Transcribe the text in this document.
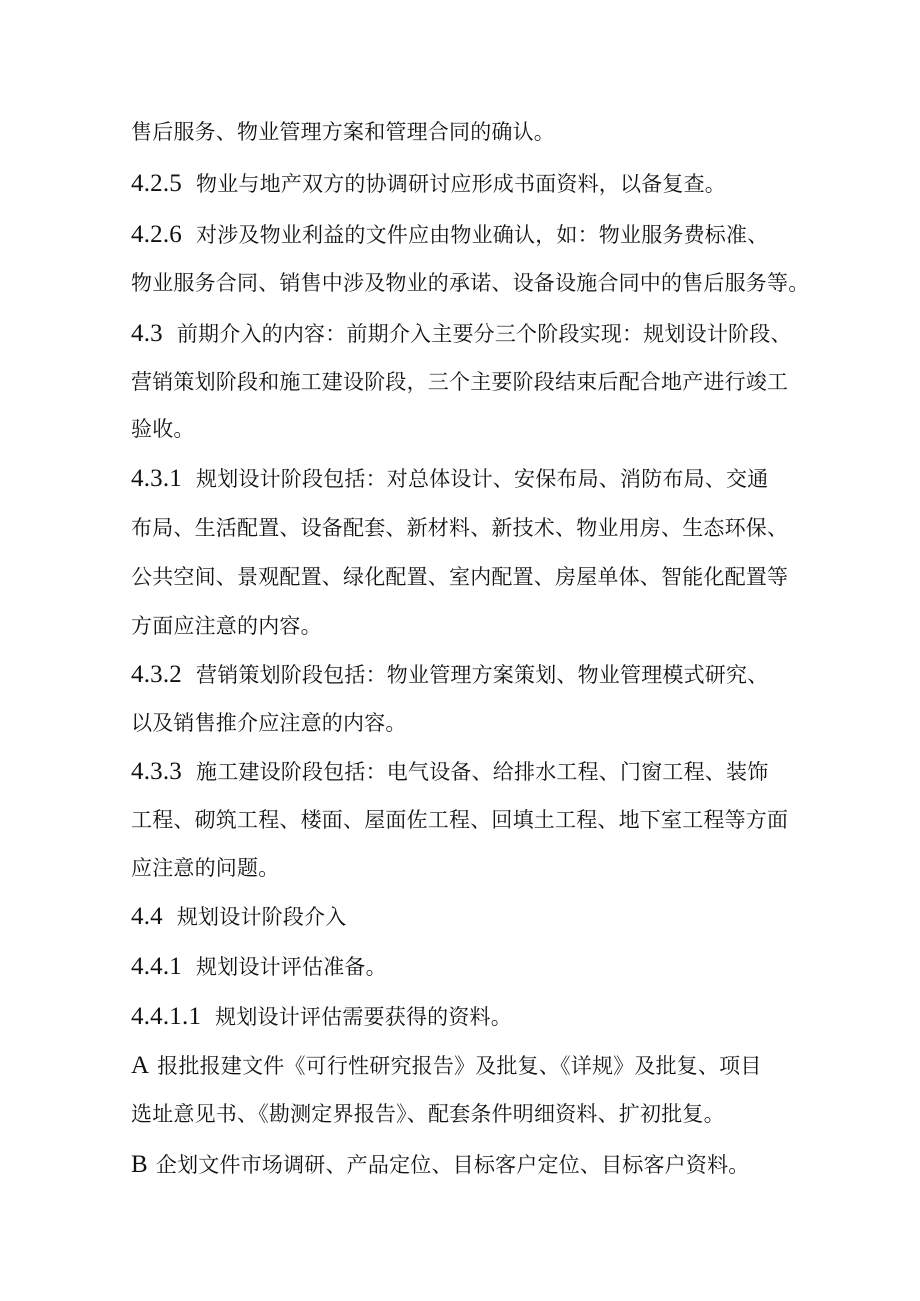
售后服务、物业管理方案和管理合同的确认。
4.2.5 物业与地产双方的协调研讨应形成书面资料，以备复查。
4.2.6 对涉及物业利益的文件应由物业确认，如：物业服务费标准、
物业服务合同、销售中涉及物业的承诺、设备设施合同中的售后服务等。
4.3 前期介入的内容：前期介入主要分三个阶段实现：规划设计阶段、
营销策划阶段和施工建设阶段，三个主要阶段结束后配合地产进行竣工
验收。
4.3.1 规划设计阶段包括：对总体设计、安保布局、消防布局、交通
布局、生活配置、设备配套、新材料、新技术、物业用房、生态环保、
公共空间、景观配置、绿化配置、室内配置、房屋单体、智能化配置等
方面应注意的内容。
4.3.2 营销策划阶段包括：物业管理方案策划、物业管理模式研究、
以及销售推介应注意的内容。
4.3.3 施工建设阶段包括：电气设备、给排水工程、门窗工程、装饰
工程、砌筑工程、楼面、屋面佐工程、回填土工程、地下室工程等方面
应注意的问题。
4.4 规划设计阶段介入
4.4.1 规划设计评估准备。
4.4.1.1 规划设计评估需要获得的资料。
A 报批报建文件《可行性研究报告》及批复、《详规》及批复、项目
选址意见书、《勘测定界报告》、配套条件明细资料、扩初批复。
B 企划文件市场调研、产品定位、目标客户定位、目标客户资料。
